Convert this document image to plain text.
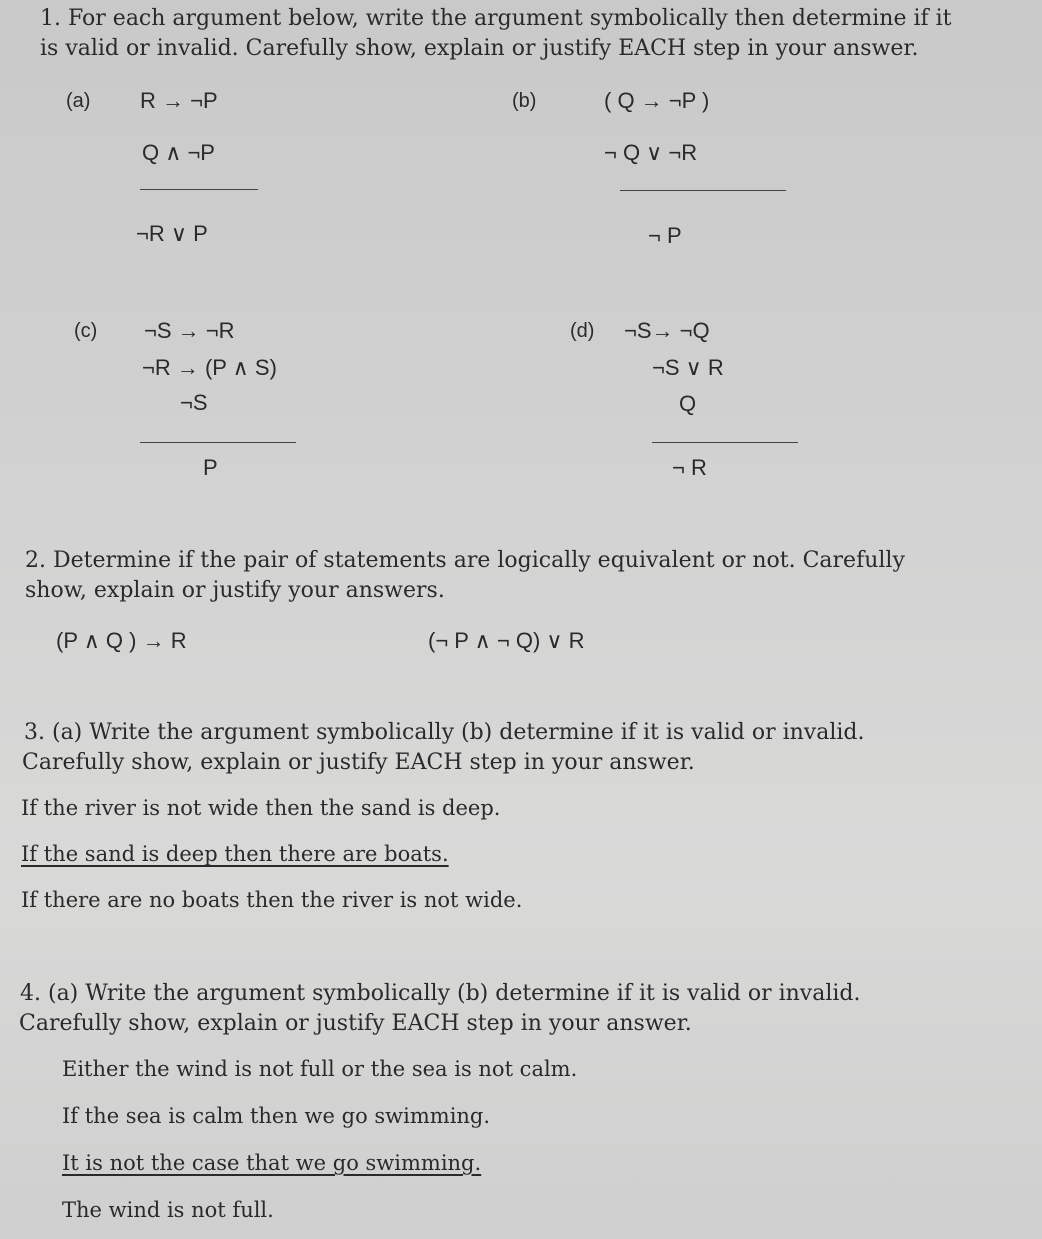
1. For each argument below, write the argument symbolically then determine if it
is valid or invalid. Carefully show, explain or justify EACH step in your answer.
(a) R → ¬P
Q ∧ ¬P
¬R ∨ P
(b)	( Q → ¬P )
¬ Q ∨ ¬R
¬ P
(c) ¬S → ¬R
¬R → (P ∧ S)
¬S
P
(d) ¬S→ ¬Q
¬S ∨ R
Q
¬ R
2. Determine if the pair of statements are logically equivalent or not. Carefully
show, explain or justify your answers.
(P ∧ Q ) → R	(¬ P ∧ ¬ Q) ∨ R
3. (a) Write the argument symbolically (b) determine if it is valid or invalid.
Carefully show, explain or justify EACH step in your answer.
If the river is not wide then the sand is deep.
If the sand is deep then there are boats.
If there are no boats then the river is not wide.
4. (a) Write the argument symbolically (b) determine if it is valid or invalid.
Carefully show, explain or justify EACH step in your answer.
Either the wind is not full or the sea is not calm.
If the sea is calm then we go swimming.
It is not the case that we go swimming.
The wind is not full.
